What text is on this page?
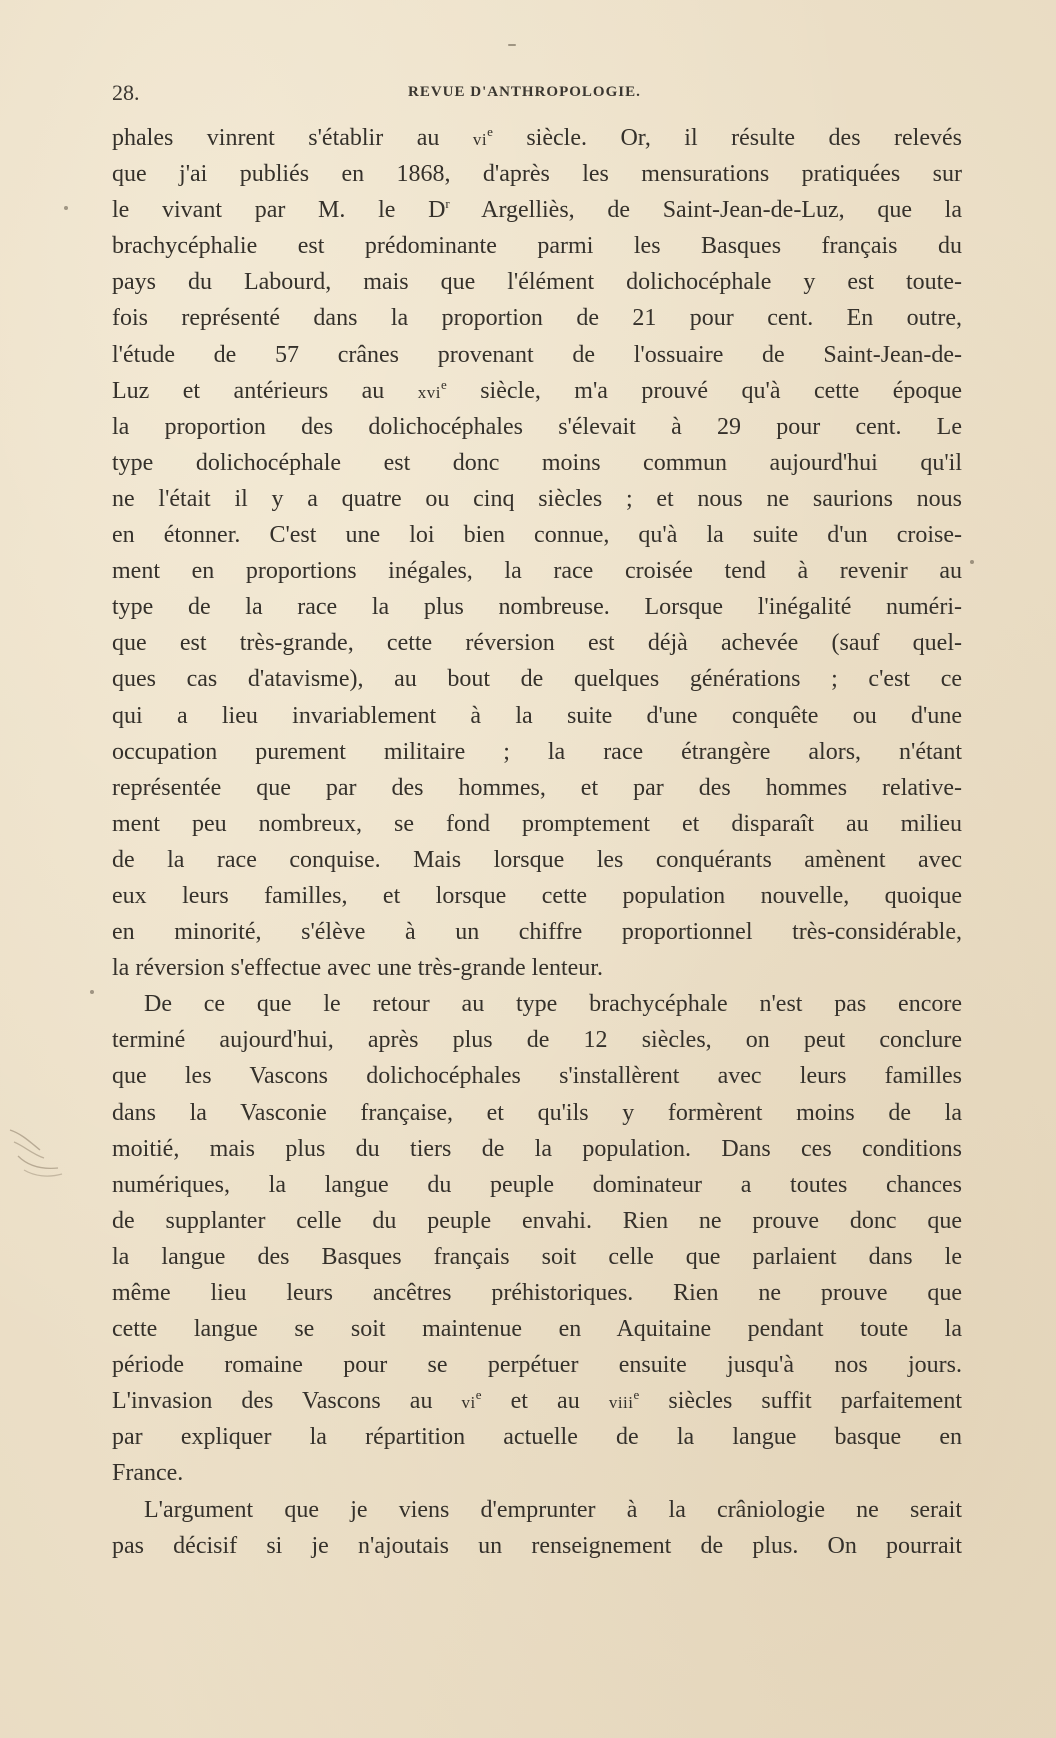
28.	REVUE D'ANTHROPOLOGIE.
phales vinrent s'établir au $vi^e$ siècle. Or, il résulte des relevés
que j'ai publiés en 1868, d'après les mensurations pratiquées sur
le vivant par M. le $D^r$ Argelliès, de Saint-Jean-de-Luz, que la
brachycéphalie est prédominante parmi les Basques français du
pays du Labourd, mais que l'élément dolichocéphale y est toute-
fois représenté dans la proportion de 21 pour cent. En outre,
l'étude de 57 crânes provenant de l'ossuaire de Saint-Jean-de-
Luz et antérieurs au xvi$^e$ siècle, m'a prouvé qu'à cette époque
la proportion des dolichocéphales s'élevait à 29 pour cent. Le
type dolichocéphale est donc moins commun aujourd'hui qu'il
ne l'était il y a quatre ou cinq siècles ; et nous ne saurions nous
en étonner. C'est une loi bien connue, qu'à la suite d'un croise-
ment en proportions inégales, la race croisée tend à revenir au
type de la race la plus nombreuse. Lorsque l'inégalité numéri-
que est très-grande, cette réversion est déjà achevée (sauf quel-
ques cas d'atavisme), au bout de quelques générations ; c'est ce
qui a lieu invariablement à la suite d'une conquête ou d'une
occupation purement militaire ; la race étrangère alors, n'étant
représentée que par des hommes, et par des hommes relative-
ment peu nombreux, se fond promptement et disparaît au milieu
de la race conquise. Mais lorsque les conquérants amènent avec
eux leurs familles, et lorsque cette population nouvelle, quoique
en minorité, s'élève à un chiffre proportionnel très-considérable,
la réversion s'effectue avec une très-grande lenteur.
De ce que le retour au type brachycéphale n'est pas encore
terminé aujourd'hui, après plus de 12 siècles, on peut conclure
que les Vascons dolichocéphales s'installèrent avec leurs familles
dans la Vasconie française, et qu'ils y formèrent moins de la
moitié, mais plus du tiers de la population. Dans ces conditions
numériques, la langue du peuple dominateur a toutes chances
de supplanter celle du peuple envahi. Rien ne prouve donc que
la langue des Basques français soit celle que parlaient dans le
même lieu leurs ancêtres préhistoriques. Rien ne prouve que
cette langue se soit maintenue en Aquitaine pendant toute la
période romaine pour se perpétuer ensuite jusqu'à nos jours.
L'invasion des Vascons au $vi^e$ et au viii$^e$ siècles suffit parfaitement
par expliquer la répartition actuelle de la langue basque en
France.
L'argument que je viens d'emprunter à la crâniologie ne serait
pas décisif si je n'ajoutais un renseignement de plus. On pourrait
